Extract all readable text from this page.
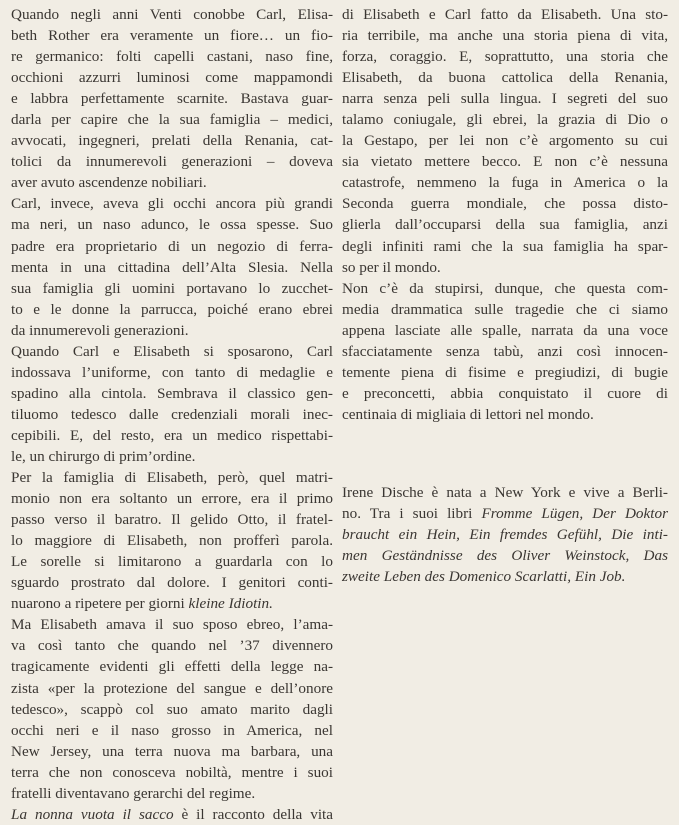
Quando negli anni Venti conobbe Carl, Elisa-
beth Rother era veramente un fiore… un fio-
re germanico: folti capelli castani, naso fine,
occhioni azzurri luminosi come mappamondi
e labbra perfettamente scarnite. Bastava guar-
darla per capire che la sua famiglia – medici,
avvocati, ingegneri, prelati della Renania, cat-
tolici da innumerevoli generazioni – doveva
aver avuto ascendenze nobiliari.
Carl, invece, aveva gli occhi ancora più grandi
ma neri, un naso adunco, le ossa spesse. Suo
padre era proprietario di un negozio di ferra-
menta in una cittadina dell’Alta Slesia. Nella
sua famiglia gli uomini portavano lo zucchet-
to e le donne la parrucca, poiché erano ebrei
da innumerevoli generazioni.
Quando Carl e Elisabeth si sposarono, Carl
indossava l’uniforme, con tanto di medaglie e
spadino alla cintola. Sembrava il classico gen-
tiluomo tedesco dalle credenziali morali inec-
cepibili. E, del resto, era un medico rispettabi-
le, un chirurgo di prim’ordine.
Per la famiglia di Elisabeth, però, quel matri-
monio non era soltanto un errore, era il primo
passo verso il baratro. Il gelido Otto, il fratel-
lo maggiore di Elisabeth, non profferì parola.
Le sorelle si limitarono a guardarla con lo
sguardo prostrato dal dolore. I genitori conti-
nuarono a ripetere per giorni kleine Idiotin.
Ma Elisabeth amava il suo sposo ebreo, l’ama-
va così tanto che quando nel ’37 divennero
tragicamente evidenti gli effetti della legge na-
zista «per la protezione del sangue e dell’onore
tedesco», scappò col suo amato marito dagli
occhi neri e il naso grosso in America, nel
New Jersey, una terra nuova ma barbara, una
terra che non conosceva nobiltà, mentre i suoi
fratelli diventavano gerarchi del regime.
La nonna vuota il sacco è il racconto della vita
di Elisabeth e Carl fatto da Elisabeth. Una sto-
ria terribile, ma anche una storia piena di vita,
forza, coraggio. E, soprattutto, una storia che
Elisabeth, da buona cattolica della Renania,
narra senza peli sulla lingua. I segreti del suo
talamo coniugale, gli ebrei, la grazia di Dio o
la Gestapo, per lei non c’è argomento su cui
sia vietato mettere becco. E non c’è nessuna
catastrofe, nemmeno la fuga in America o la
Seconda guerra mondiale, che possa disto-
glierla dall’occuparsi della sua famiglia, anzi
degli infiniti rami che la sua famiglia ha spar-
so per il mondo.
Non c’è da stupirsi, dunque, che questa com-
media drammatica sulle tragedie che ci siamo
appena lasciate alle spalle, narrata da una voce
sfacciatamente senza tabù, anzi così innocen-
temente piena di fisime e pregiudizi, di bugie
e preconcetti, abbia conquistato il cuore di
centinaia di migliaia di lettori nel mondo.
Irene Dische è nata a New York e vive a Berli-
no. Tra i suoi libri Fromme Lügen, Der Doktor
braucht ein Hein, Ein fremdes Gefühl, Die inti-
men Geständnisse des Oliver Weinstock, Das
zweite Leben des Domenico Scarlatti, Ein Job.
